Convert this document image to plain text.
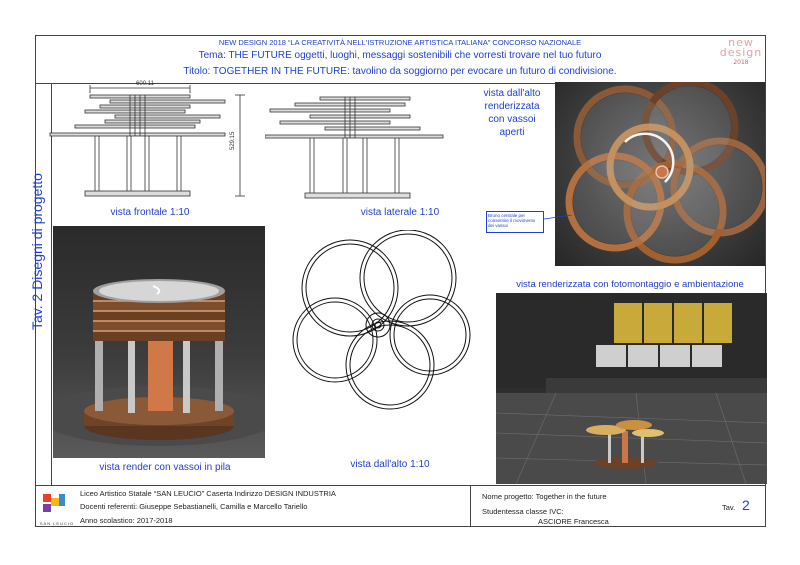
NEW DESIGN 2018 “LA CREATIVITÀ NELL'ISTRUZIONE ARTISTICA ITALIANA” CONCORSO NAZIONALE
Tema: THE FUTURE oggetti, luoghi, messaggi sostenibili che vorresti trovare nel tuo futuro
Titolo: TOGETHER IN THE FUTURE: tavolino da soggiorno per evocare un futuro di condivisione.
new
design
2018
Tav. 2 Disegni di progetto
600.11
529.15
vista frontale 1:10	vista laterale 1:10
vista dall'alto renderizzata con vassoi aperti
Bruno centrale per consentire il movimento dei vassoi
vista render con vassoi in pila	vista dall'alto 1:10
vista renderizzata con fotomontaggio e ambientazione
SAN LEUCIO
Liceo Artistico Statale “SAN LEUCIO” Caserta Indirizzo DESIGN INDUSTRIA
Docenti referenti: Giuseppe Sebastianelli, Camilla e Marcello Tariello
Anno scolastico: 2017-2018
Nome progetto: Together in the future
Studentessa classe IVC:
ASCIORE Francesca
Tav. 2
